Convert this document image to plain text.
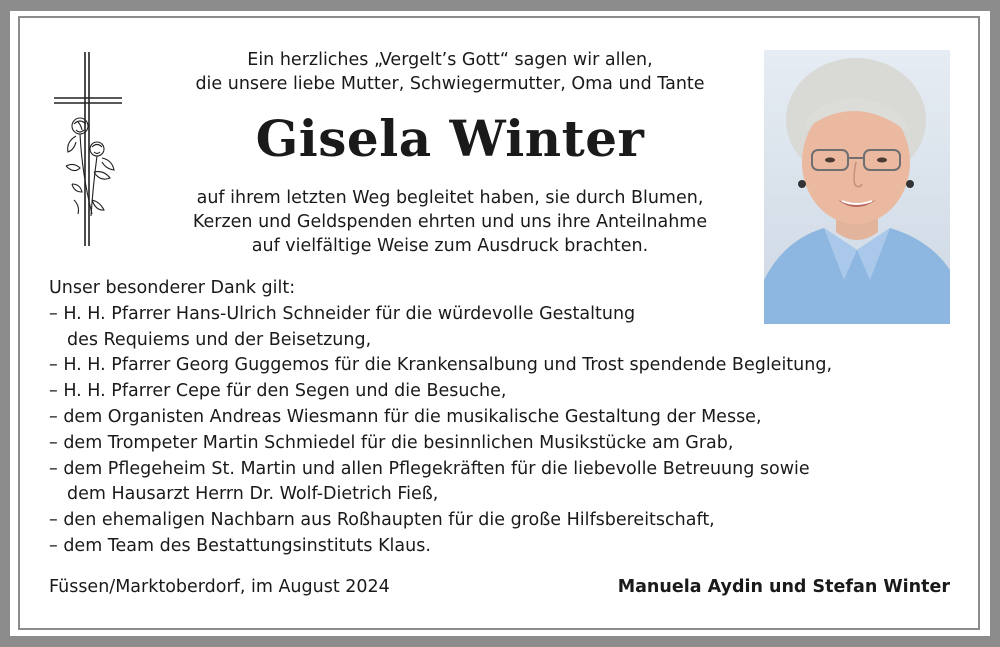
Ein herzliches „Vergelt’s Gott“ sagen wir allen,
die unsere liebe Mutter, Schwiegermutter, Oma und Tante
Gisela Winter
auf ihrem letzten Weg begleitet haben, sie durch Blumen,
Kerzen und Geldspenden ehrten und uns ihre Anteilnahme
auf vielfältige Weise zum Ausdruck brachten.
Unser besonderer Dank gilt:
– H. H. Pfarrer Hans-Ulrich Schneider für die würdevolle Gestaltung
des Requiems und der Beisetzung,
– H. H. Pfarrer Georg Guggemos für die Krankensalbung und Trost spendende Begleitung,
– H. H. Pfarrer Cepe für den Segen und die Besuche,
– dem Organisten Andreas Wiesmann für die musikalische Gestaltung der Messe,
– dem Trompeter Martin Schmiedel für die besinnlichen Musikstücke am Grab,
– dem Pflegeheim St. Martin und allen Pflegekräften für die liebevolle Betreuung sowie
dem Hausarzt Herrn Dr. Wolf-Dietrich Fieß,
– den ehemaligen Nachbarn aus Roßhaupten für die große Hilfsbereitschaft,
– dem Team des Bestattungsinstituts Klaus.
Füssen/Marktoberdorf, im August 2024	Manuela Aydin und Stefan Winter
